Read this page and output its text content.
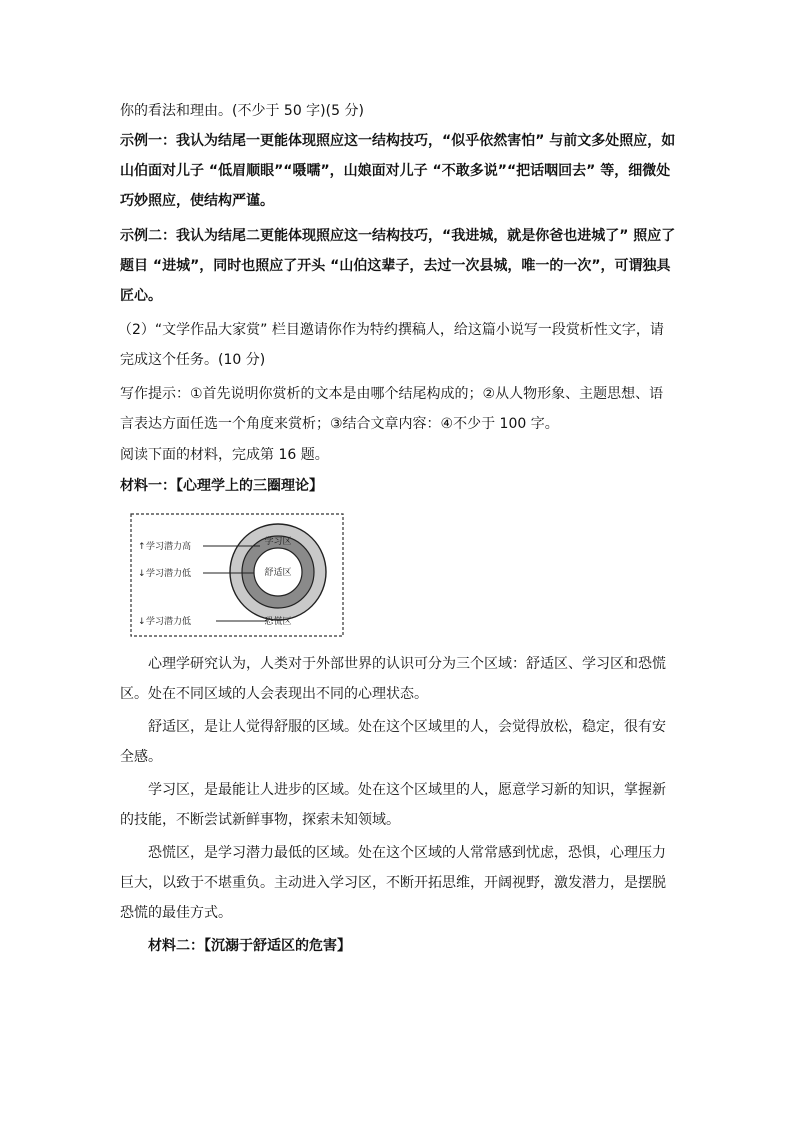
你的看法和理由。(不少于 50 字)(5 分)
示例一：我认为结尾一更能体现照应这一结构技巧，“似乎依然害怕” 与前文多处照应，如
山伯面对儿子 “低眉顺眼”“嗫嚅”，山娘面对儿子 “不敢多说”“把话咽回去” 等，细微处
巧妙照应，使结构严谨。
示例二：我认为结尾二更能体现照应这一结构技巧，“我进城，就是你爸也进城了” 照应了
题目 “进城”，同时也照应了开头 “山伯这辈子，去过一次县城，唯一的一次”，可谓独具
匠心。
（2）“文学作品大家赏” 栏目邀请你作为特约撰稿人，给这篇小说写一段赏析性文字，请
完成这个任务。(10 分)
写作提示：①首先说明你赏析的文本是由哪个结尾构成的；②从人物形象、主题思想、语
言表达方面任选一个角度来赏析；③结合文章内容：④不少于 100 字。
阅读下面的材料，完成第 16 题。
材料一：【心理学上的三圈理论】
↑ 学习潜力高
↓ 学习潜力低
↓ 学习潜力低
学习区
舒适区
恐慌区
心理学研究认为，人类对于外部世界的认识可分为三个区域：舒适区、学习区和恐慌
区。处在不同区域的人会表现出不同的心理状态。
舒适区，是让人觉得舒服的区域。处在这个区域里的人，会觉得放松，稳定，很有安
全感。
学习区，是最能让人进步的区域。处在这个区域里的人，愿意学习新的知识，掌握新
的技能，不断尝试新鲜事物，探索未知领域。
恐慌区，是学习潜力最低的区域。处在这个区域的人常常感到忧虑，恐惧，心理压力
巨大，以致于不堪重负。主动进入学习区，不断开拓思维，开阔视野，激发潜力，是摆脱
恐慌的最佳方式。
材料二：【沉溺于舒适区的危害】
